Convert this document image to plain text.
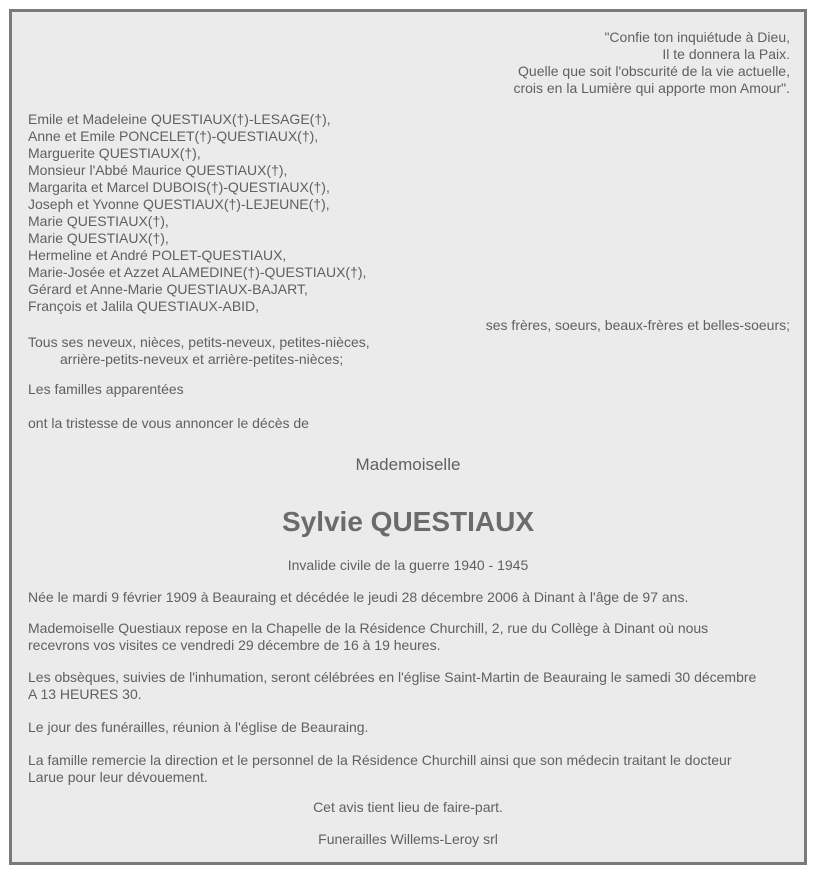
"Confie ton inquiétude à Dieu,
Il te donnera la Paix.
Quelle que soit l'obscurité de la vie actuelle,
crois en la Lumière qui apporte mon Amour".
Emile et Madeleine QUESTIAUX(†)-LESAGE(†),
Anne et Emile PONCELET(†)-QUESTIAUX(†),
Marguerite QUESTIAUX(†),
Monsieur l'Abbé Maurice QUESTIAUX(†),
Margarita et Marcel DUBOIS(†)-QUESTIAUX(†),
Joseph et Yvonne QUESTIAUX(†)-LEJEUNE(†),
Marie QUESTIAUX(†),
Marie QUESTIAUX(†),
Hermeline et André POLET-QUESTIAUX,
Marie-Josée et Azzet ALAMEDINE(†)-QUESTIAUX(†),
Gérard et Anne-Marie QUESTIAUX-BAJART,
François et Jalila QUESTIAUX-ABID,
ses frères, soeurs, beaux-frères et belles-soeurs;
Tous ses neveux, nièces, petits-neveux, petites-nièces,
arrière-petits-neveux et arrière-petites-nièces;
Les familles apparentées
ont la tristesse de vous annoncer le décès de
Mademoiselle
Sylvie QUESTIAUX
Invalide civile de la guerre 1940 - 1945
Née le mardi 9 février 1909 à Beauraing et décédée le jeudi 28 décembre 2006 à Dinant à l'âge de 97 ans.
Mademoiselle Questiaux repose en la Chapelle de la Résidence Churchill, 2, rue du Collège à Dinant où nous
recevrons vos visites ce vendredi 29 décembre de 16 à 19 heures.
Les obsèques, suivies de l'inhumation, seront célébrées en l'église Saint-Martin de Beauraing le samedi 30 décembre
A 13 HEURES 30.
Le jour des funérailles, réunion à l'église de Beauraing.
La famille remercie la direction et le personnel de la Résidence Churchill ainsi que son médecin traitant le docteur
Larue pour leur dévouement.
Cet avis tient lieu de faire-part.
Funerailles Willems-Leroy srl
